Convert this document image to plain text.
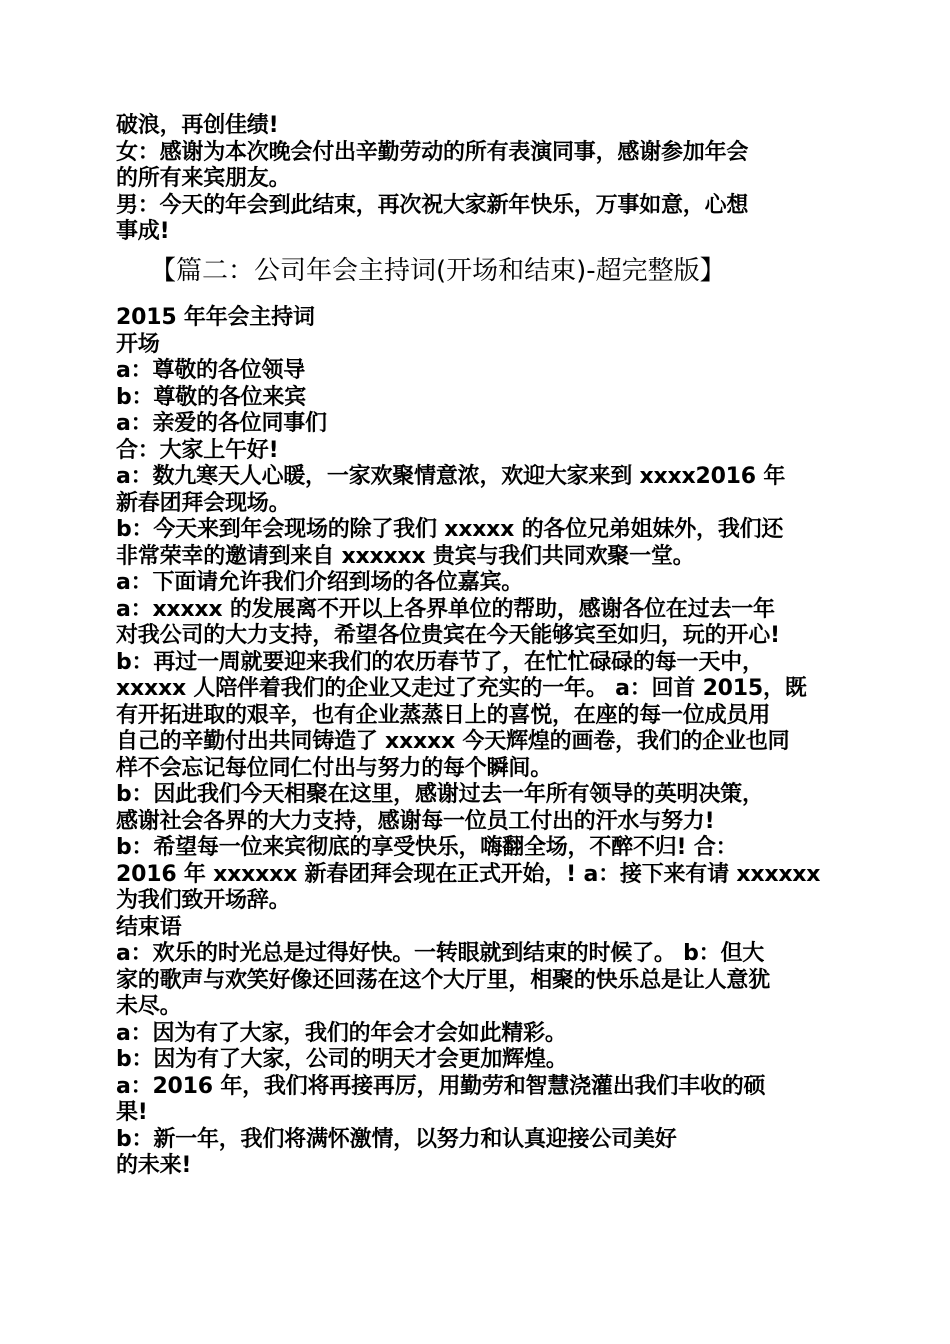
破浪，再创佳绩!
女：感谢为本次晚会付出辛勤劳动的所有表演同事，感谢参加年会
的所有来宾朋友。
男：今天的年会到此结束，再次祝大家新年快乐，万事如意，心想
事成!
【篇二：公司年会主持词(开场和结束)-超完整版】
2015 年年会主持词
开场
a：尊敬的各位领导
b：尊敬的各位来宾
a：亲爱的各位同事们
合：大家上午好!
a：数九寒天人心暖，一家欢聚情意浓，欢迎大家来到 xxxx2016 年
新春团拜会现场。
b：今天来到年会现场的除了我们 xxxxx 的各位兄弟姐妹外，我们还
非常荣幸的邀请到来自 xxxxxx 贵宾与我们共同欢聚一堂。
a：下面请允许我们介绍到场的各位嘉宾。
a：xxxxx 的发展离不开以上各界单位的帮助，感谢各位在过去一年
对我公司的大力支持，希望各位贵宾在今天能够宾至如归，玩的开心!
b：再过一周就要迎来我们的农历春节了，在忙忙碌碌的每一天中，
xxxxx 人陪伴着我们的企业又走过了充实的一年。 a：回首 2015，既
有开拓进取的艰辛，也有企业蒸蒸日上的喜悦，在座的每一位成员用
自己的辛勤付出共同铸造了 xxxxx 今天辉煌的画卷，我们的企业也同
样不会忘记每位同仁付出与努力的每个瞬间。
b：因此我们今天相聚在这里，感谢过去一年所有领导的英明决策，
感谢社会各界的大力支持，感谢每一位员工付出的汗水与努力!
b：希望每一位来宾彻底的享受快乐，嗨翻全场，不醉不归! 合：
2016 年 xxxxxx 新春团拜会现在正式开始，! a：接下来有请 xxxxxx
为我们致开场辞。
结束语
a：欢乐的时光总是过得好快。一转眼就到结束的时候了。 b：但大
家的歌声与欢笑好像还回荡在这个大厅里，相聚的快乐总是让人意犹
未尽。
a：因为有了大家，我们的年会才会如此精彩。
b：因为有了大家，公司的明天才会更加辉煌。
a：2016 年，我们将再接再厉，用勤劳和智慧浇灌出我们丰收的硕
果!
b：新一年，我们将满怀激情，以努力和认真迎接公司美好
的未来!
